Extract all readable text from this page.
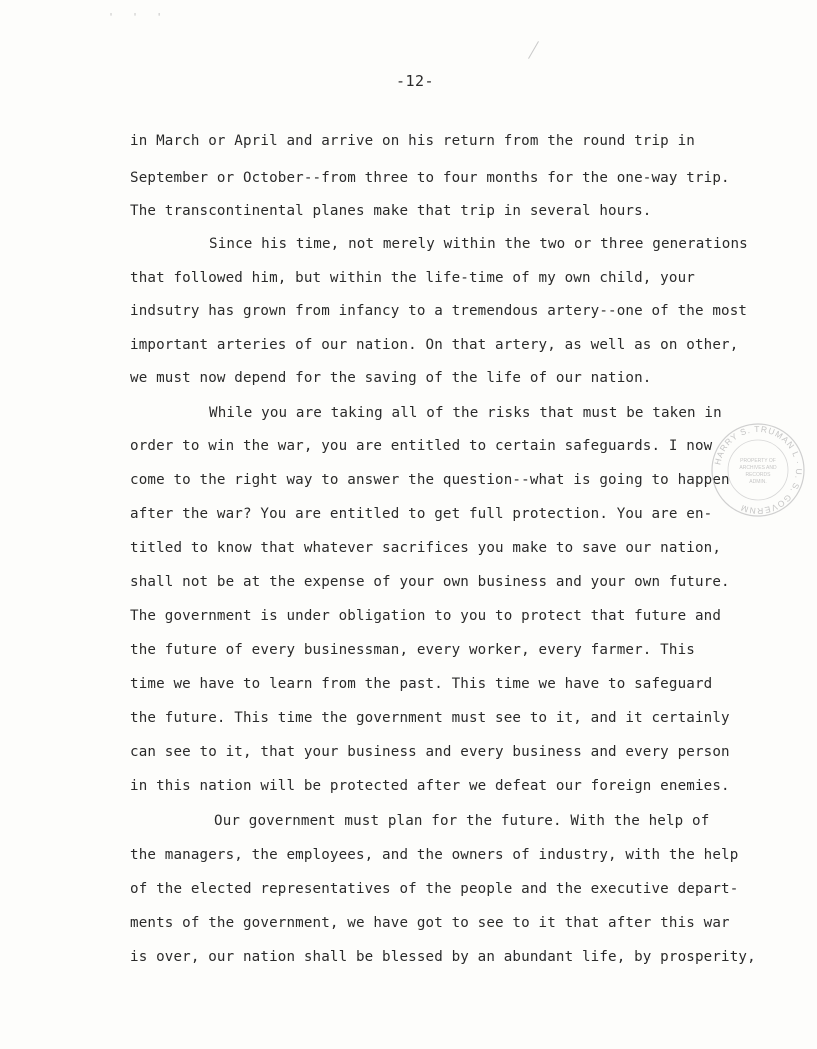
' ' '
-12-
in March or April and arrive on his return from the round trip in
September or October--from three to four months for the one-way trip.
The transcontinental planes make that trip in several hours.
Since his time, not merely within the two or three generations
that followed him, but within the life-time of my own child, your
indsutry has grown from infancy to a tremendous artery--one of the most
important arteries of our nation. On that artery, as well as on other,
we must now depend for the saving of the life of our nation.
While you are taking all of the risks that must be taken in
order to win the war, you are entitled to certain safeguards. I now
come to the right way to answer the question--what is going to happen
after the war? You are entitled to get full protection. You are en-
titled to know that whatever sacrifices you make to save our nation,
shall not be at the expense of your own business and your own future.
The government is under obligation to you to protect that future and
the future of every businessman, every worker, every farmer. This
time we have to learn from the past. This time we have to safeguard
the future. This time the government must see to it, and it certainly
can see to it, that your business and every business and every person
in this nation will be protected after we defeat our foreign enemies.
Our government must plan for the future. With the help of
the managers, the employees, and the owners of industry, with the help
of the elected representatives of the people and the executive depart-
ments of the government, we have got to see to it that after this war
is over, our nation shall be blessed by an abundant life, by prosperity,
HARRY S. TRUMAN L · U. S. GOVERNM
PROPERTY OF
ARCHIVES AND
RECORDS
ADMIN.
